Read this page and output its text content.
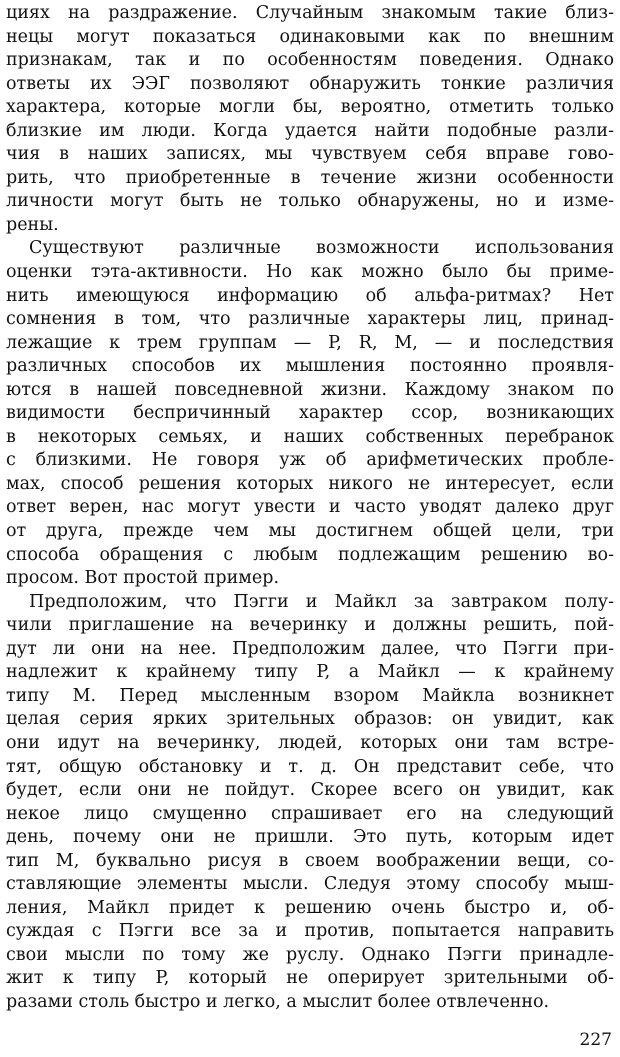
циях на раздражение. Случайным знакомым такие близ-
нецы могут показаться одинаковыми как по внешним
признакам, так и по особенностям поведения. Однако
ответы их ЭЭГ позволяют обнаружить тонкие различия
характера, которые могли бы, вероятно, отметить только
близкие им люди. Когда удается найти подобные разли-
чия в наших записях, мы чувствуем себя вправе гово-
рить, что приобретенные в течение жизни особенности
личности могут быть не только обнаружены, но и изме-
рены.
Существуют различные возможности использования
оценки тэта-активности. Но как можно было бы приме-
нить имеющуюся информацию об альфа-ритмах? Нет
сомнения в том, что различные характеры лиц, принад-
лежащие к трем группам — P, R, M, — и последствия
различных способов их мышления постоянно проявля-
ются в нашей повседневной жизни. Каждому знаком по
видимости беспричинный характер ссор, возникающих
в некоторых семьях, и наших собственных перебранок
с близкими. Не говоря уж об арифметических пробле-
мах, способ решения которых никого не интересует, если
ответ верен, нас могут увести и часто уводят далеко друг
от друга, прежде чем мы достигнем общей цели, три
способа обращения с любым подлежащим решению во-
просом. Вот простой пример.
Предположим, что Пэгги и Майкл за завтраком полу-
чили приглашение на вечеринку и должны решить, пой-
дут ли они на нее. Предположим далее, что Пэгги при-
надлежит к крайнему типу P, а Майкл — к крайнему
типу M. Перед мысленным взором Майкла возникнет
целая серия ярких зрительных образов: он увидит, как
они идут на вечеринку, людей, которых они там встре-
тят, общую обстановку и т. д. Он представит себе, что
будет, если они не пойдут. Скорее всего он увидит, как
некое лицо смущенно спрашивает его на следующий
день, почему они не пришли. Это путь, которым идет
тип M, буквально рисуя в своем воображении вещи, со-
ставляющие элементы мысли. Следуя этому способу мыш-
ления, Майкл придет к решению очень быстро и, об-
суждая с Пэгги все за и против, попытается направить
свои мысли по тому же руслу. Однако Пэгги принадле-
жит к типу P, который не оперирует зрительными об-
разами столь быстро и легко, а мыслит более отвлеченно.
227
